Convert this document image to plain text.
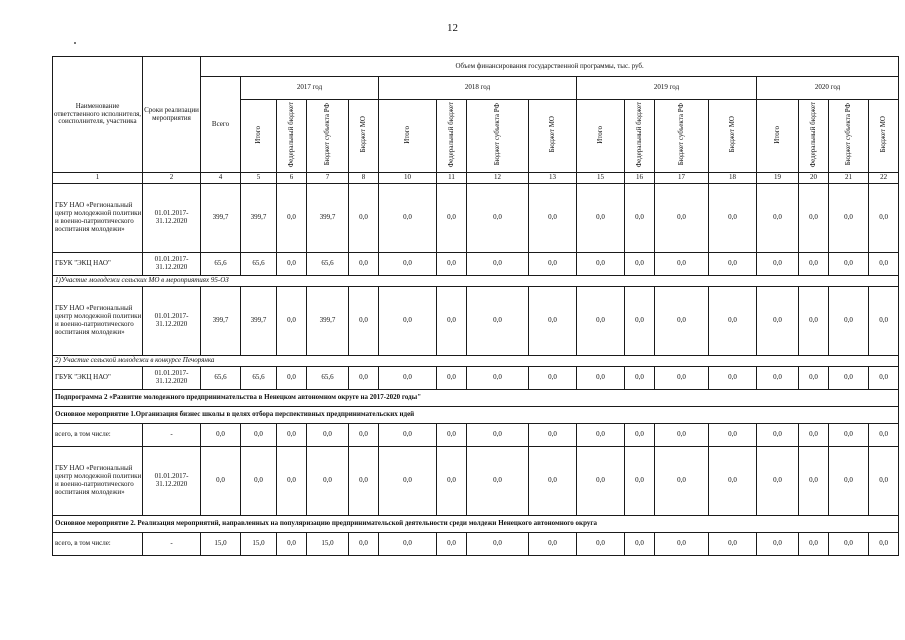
12
Наименование ответственного исполнителя, соисполнителя, участника	Сроки реализации мероприятия	Объем финансирования государственной программы, тыс. руб.																
		Всего	2017 год				2018 год				2019 год				2020 год			
			Итого	Федеральный бюджет	Бюджет субъекта РФ	Бюджет МО	Итого	Федеральный бюджет	Бюджет субъекта РФ	Бюджет МО	Итого	Федеральный бюджет	Бюджет субъекта РФ	Бюджет МО	Итого	Федеральный бюджет	Бюджет субъекта РФ	Бюджет МО
1	2	4	5	6	7	8	10	11	12	13	15	16	17	18	19	20	21	22
ГБУ НАО «Региональный центр молодежной политики и военно-патриотического воспитания молодежи»	01.01.2017-31.12.2020	399,7	399,7	0,0	399,7	0,0	0,0	0,0	0,0	0,0	0,0	0,0	0,0	0,0	0,0	0,0	0,0	0,0
ГБУК "ЭКЦ НАО"	01.01.2017-31.12.2020	65,6	65,6	0,0	65,6	0,0	0,0	0,0	0,0	0,0	0,0	0,0	0,0	0,0	0,0	0,0	0,0	0,0
1)Участие молодежи сельских МО в мероприятиях 95-ОЗ																		
ГБУ НАО «Региональный центр молодежной политики и военно-патриотического воспитания молодежи»	01.01.2017-31.12.2020	399,7	399,7	0,0	399,7	0,0	0,0	0,0	0,0	0,0	0,0	0,0	0,0	0,0	0,0	0,0	0,0	0,0
2) Участие сельской молодежи в конкурсе Печорянка																		
ГБУК "ЭКЦ НАО"	01.01.2017-31.12.2020	65,6	65,6	0,0	65,6	0,0	0,0	0,0	0,0	0,0	0,0	0,0	0,0	0,0	0,0	0,0	0,0	0,0
Подпрограмма 2 «Развитие молодежного предпринимательства в Ненецком автономном округе на 2017-2020 годы"																		
Основное мероприятие 1.Организация бизнес школы в целях отбора перспективных предпринимательских идей																		
всего, в том числе:	-	0,0	0,0	0,0	0,0	0,0	0,0	0,0	0,0	0,0	0,0	0,0	0,0	0,0	0,0	0,0	0,0	0,0
ГБУ НАО «Региональный центр молодежной политики и военно-патриотического воспитания молодежи»	01.01.2017-31.12.2020	0,0	0,0	0,0	0,0	0,0	0,0	0,0	0,0	0,0	0,0	0,0	0,0	0,0	0,0	0,0	0,0	0,0
Основное мероприятие 2. Реализация мероприятий, направленных на популяризацию предпринимательской деятельности среди молдежи Ненецкого автономного округа																		
всего, в том числе:	-	15,0	15,0	0,0	15,0	0,0	0,0	0,0	0,0	0,0	0,0	0,0	0,0	0,0	0,0	0,0	0,0	0,0
